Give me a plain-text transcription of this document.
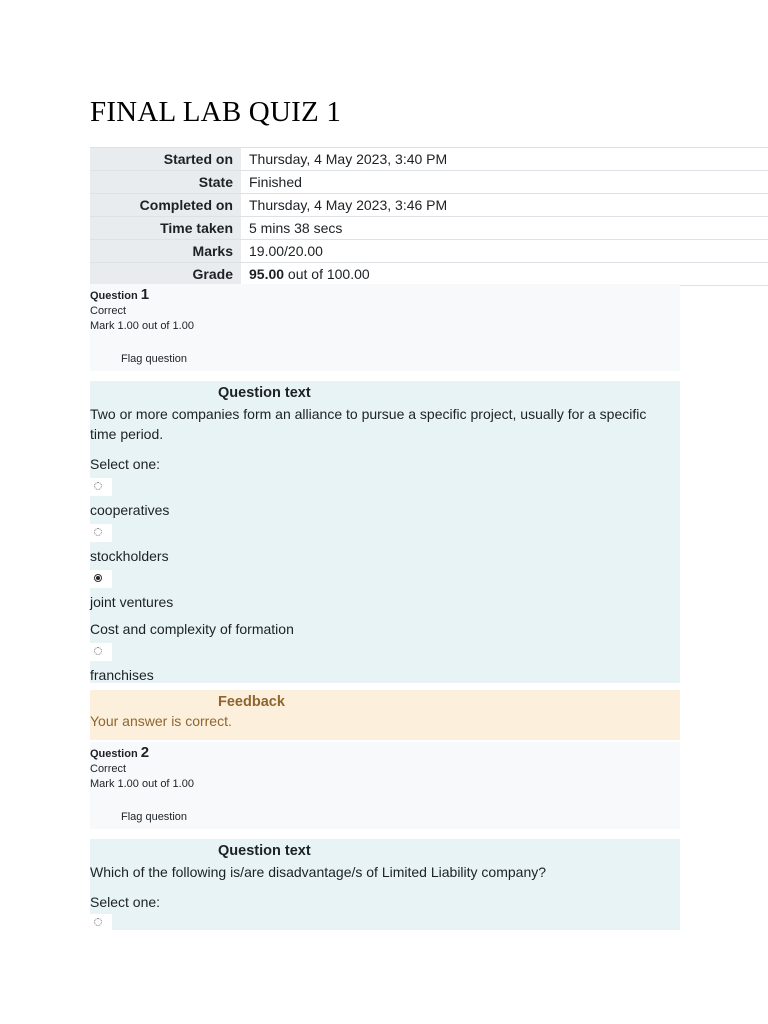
FINAL LAB QUIZ 1
Started on	Thursday, 4 May 2023, 3:40 PM
State	Finished
Completed on	Thursday, 4 May 2023, 3:46 PM
Time taken	5 mins 38 secs
Marks	19.00/20.00
Grade	95.00 out of 100.00
Question 1
Correct
Mark 1.00 out of 1.00
Flag question
Question text
Two or more companies form an alliance to pursue a specific project, usually for a specific time period.
Select one:
cooperatives
stockholders
joint ventures
Cost and complexity of formation
franchises
Feedback
Your answer is correct.
Question 2
Correct
Mark 1.00 out of 1.00
Flag question
Question text
Which of the following is/are disadvantage/s of Limited Liability company?
Select one:
